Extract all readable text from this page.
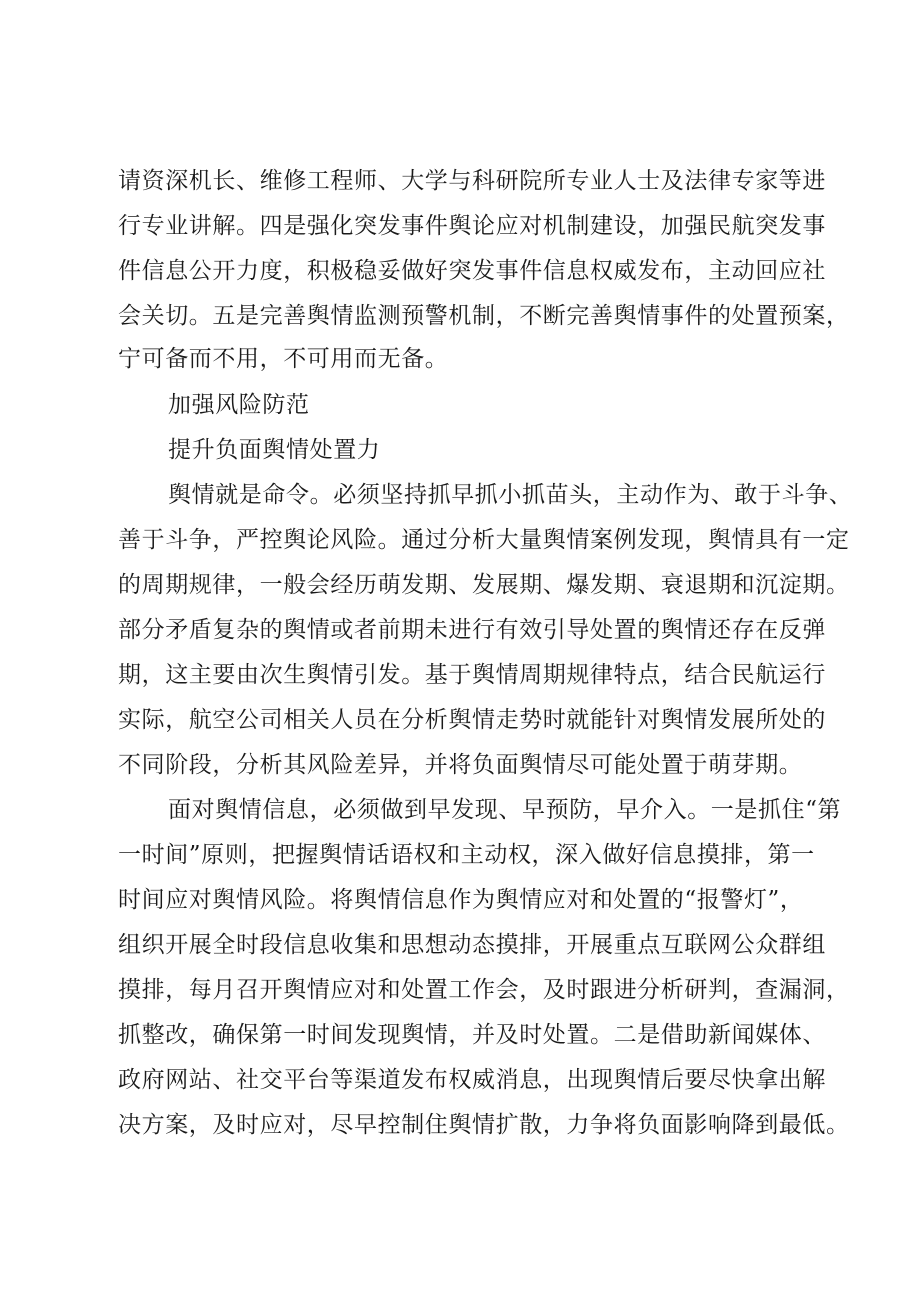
请资深机长、维修工程师、大学与科研院所专业人士及法律专家等进
行专业讲解。四是强化突发事件舆论应对机制建设，加强民航突发事
件信息公开力度，积极稳妥做好突发事件信息权威发布，主动回应社
会关切。五是完善舆情监测预警机制，不断完善舆情事件的处置预案，
宁可备而不用，不可用而无备。
加强风险防范
提升负面舆情处置力
舆情就是命令。必须坚持抓早抓小抓苗头，主动作为、敢于斗争、
善于斗争，严控舆论风险。通过分析大量舆情案例发现，舆情具有一定
的周期规律，一般会经历萌发期、发展期、爆发期、衰退期和沉淀期。
部分矛盾复杂的舆情或者前期未进行有效引导处置的舆情还存在反弹
期，这主要由次生舆情引发。基于舆情周期规律特点，结合民航运行
实际，航空公司相关人员在分析舆情走势时就能针对舆情发展所处的
不同阶段，分析其风险差异，并将负面舆情尽可能处置于萌芽期。
面对舆情信息，必须做到早发现、早预防，早介入。一是抓住“第
一时间”原则，把握舆情话语权和主动权，深入做好信息摸排，第一
时间应对舆情风险。将舆情信息作为舆情应对和处置的“报警灯”，
组织开展全时段信息收集和思想动态摸排，开展重点互联网公众群组
摸排，每月召开舆情应对和处置工作会，及时跟进分析研判，查漏洞，
抓整改，确保第一时间发现舆情，并及时处置。二是借助新闻媒体、
政府网站、社交平台等渠道发布权威消息，出现舆情后要尽快拿出解
决方案，及时应对，尽早控制住舆情扩散，力争将负面影响降到最低。
